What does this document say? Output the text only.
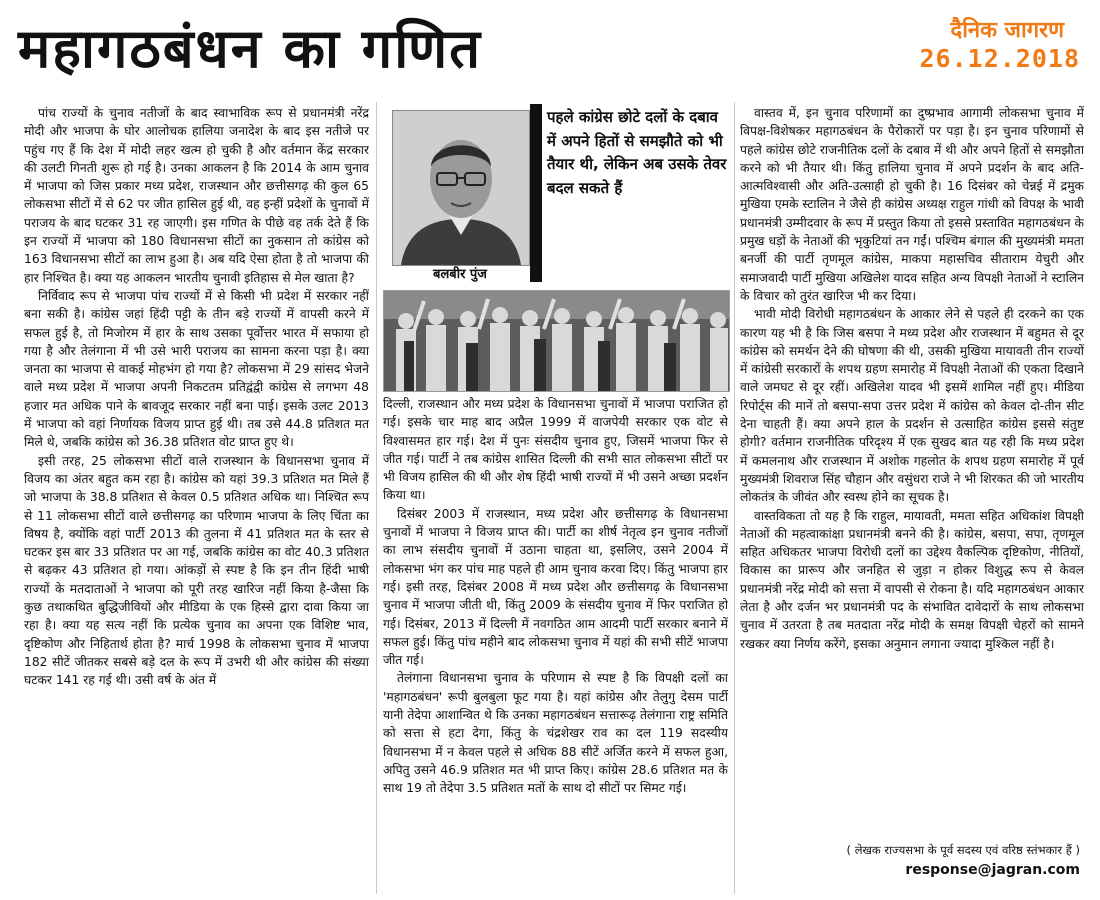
महागठबंधन का गणित	दैनिक जागरण
26.12.2018

पांच राज्यों के चुनाव नतीजों के बाद स्वाभाविक रूप से प्रधानमंत्री नरेंद्र मोदी और भाजपा के घोर आलोचक हालिया जनादेश के बाद इस नतीजे पर पहुंच गए हैं कि देश में मोदी लहर खत्म हो चुकी है और वर्तमान केंद्र सरकार की उलटी गिनती शुरू हो गई है। उनका आकलन है कि 2014 के आम चुनाव में भाजपा को जिस प्रकार मध्य प्रदेश, राजस्थान और छत्तीसगढ़ की कुल 65 लोकसभा सीटों में से 62 पर जीत हासिल हुई थी, वह इन्हीं प्रदेशों के चुनावों में पराजय के बाद घटकर 31 रह जाएगी। इस गणित के पीछे वह तर्क देते हैं कि इन राज्यों में भाजपा को 180 विधानसभा सीटों का नुकसान तो कांग्रेस को 163 विधानसभा सीटों का लाभ हुआ है। अब यदि ऐसा होता है तो भाजपा की हार निश्चित है। क्या यह आकलन भारतीय चुनावी इतिहास से मेल खाता है?

निर्विवाद रूप से भाजपा पांच राज्यों में से किसी भी प्रदेश में सरकार नहीं बना सकी है। कांग्रेस जहां हिंदी पट्टी के तीन बड़े राज्यों में वापसी करने में सफल हुई है, तो मिजोरम में हार के साथ उसका पूर्वोत्तर भारत में सफाया हो गया है और तेलंगाना में भी उसे भारी पराजय का सामना करना पड़ा है। क्या जनता का भाजपा से वाकई मोहभंग हो गया है? लोकसभा में 29 सांसद भेजने वाले मध्य प्रदेश में भाजपा अपनी निकटतम प्रतिद्वंद्वी कांग्रेस से लगभग 48 हजार मत अधिक पाने के बावजूद सरकार नहीं बना पाई। इसके उलट 2013 में भाजपा को वहां निर्णायक विजय प्राप्त हुई थी। तब उसे 44.8 प्रतिशत मत मिले थे, जबकि कांग्रेस को 36.38 प्रतिशत वोट प्राप्त हुए थे।

इसी तरह, 25 लोकसभा सीटों वाले राजस्थान के विधानसभा चुनाव में विजय का अंतर बहुत कम रहा है। कांग्रेस को यहां 39.3 प्रतिशत मत मिले हैं जो भाजपा के 38.8 प्रतिशत से केवल 0.5 प्रतिशत अधिक था। निश्चित रूप से 11 लोकसभा सीटों वाले छत्तीसगढ़ का परिणाम भाजपा के लिए चिंता का विषय है, क्योंकि वहां पार्टी 2013 की तुलना में 41 प्रतिशत मत के स्तर से घटकर इस बार 33 प्रतिशत पर आ गई, जबकि कांग्रेस का वोट 40.3 प्रतिशत से बढ़कर 43 प्रतिशत हो गया। आंकड़ों से स्पष्ट है कि इन तीन हिंदी भाषी राज्यों के मतदाताओं ने भाजपा को पूरी तरह खारिज नहीं किया है-जैसा कि कुछ तथाकथित बुद्धिजीवियों और मीडिया के एक हिस्से द्वारा दावा किया जा रहा है। क्या यह सत्य नहीं कि प्रत्येक चुनाव का अपना एक विशिष्ट भाव, दृष्टिकोण और निहितार्थ होता है? मार्च 1998 के लोकसभा चुनाव में भाजपा 182 सीटें जीतकर सबसे बड़े दल के रूप में उभरी थी और कांग्रेस की संख्या घटकर 141 रह गई थी। उसी वर्ष के अंत में

बलबीर पुंज
पहले कांग्रेस छोटे दलों के दबाव में अपने हितों से समझौते को भी तैयार थी, लेकिन अब उसके तेवर बदल सकते हैं

दिल्ली, राजस्थान और मध्य प्रदेश के विधानसभा चुनावों में भाजपा पराजित हो गई। इसके चार माह बाद अप्रैल 1999 में वाजपेयी सरकार एक वोट से विश्वासमत हार गई। देश में पुनः संसदीय चुनाव हुए, जिसमें भाजपा फिर से जीत गई। पार्टी ने तब कांग्रेस शासित दिल्ली की सभी सात लोकसभा सीटों पर भी विजय हासिल की थी और शेष हिंदी भाषी राज्यों में भी उसने अच्छा प्रदर्शन किया था।

दिसंबर 2003 में राजस्थान, मध्य प्रदेश और छत्तीसगढ़ के विधानसभा चुनावों में भाजपा ने विजय प्राप्त की। पार्टी का शीर्ष नेतृत्व इन चुनाव नतीजों का लाभ संसदीय चुनावों में उठाना चाहता था, इसलिए, उसने 2004 में लोकसभा भंग कर पांच माह पहले ही आम चुनाव करवा दिए। किंतु भाजपा हार गई। इसी तरह, दिसंबर 2008 में मध्य प्रदेश और छत्तीसगढ़ के विधानसभा चुनाव में भाजपा जीती थी, किंतु 2009 के संसदीय चुनाव में फिर पराजित हो गई। दिसंबर, 2013 में दिल्ली में नवगठित आम आदमी पार्टी सरकार बनाने में सफल हुई। किंतु पांच महीने बाद लोकसभा चुनाव में यहां की सभी सीटें भाजपा जीत गई।

तेलंगाना विधानसभा चुनाव के परिणाम से स्पष्ट है कि विपक्षी दलों का 'महागठबंधन' रूपी बुलबुला फूट गया है। यहां कांग्रेस और तेलुगु देसम पार्टी यानी तेदेपा आशान्वित थे कि उनका महागठबंधन सत्तारूढ़ तेलंगाना राष्ट्र समिति को सत्ता से हटा देगा, किंतु के चंद्रशेखर राव का दल 119 सदस्यीय विधानसभा में न केवल पहले से अधिक 88 सीटें अर्जित करने में सफल हुआ, अपितु उसने 46.9 प्रतिशत मत भी प्राप्त किए। कांग्रेस 28.6 प्रतिशत मत के साथ 19 तो तेदेपा 3.5 प्रतिशत मतों के साथ दो सीटों पर सिमट गई।

वास्तव में, इन चुनाव परिणामों का दुष्प्रभाव आगामी लोकसभा चुनाव में विपक्ष-विशेषकर महागठबंधन के पैरोकारों पर पड़ा है। इन चुनाव परिणामों से पहले कांग्रेस छोटे राजनीतिक दलों के दबाव में थी और अपने हितों से समझौता करने को भी तैयार थी। किंतु हालिया चुनाव में अपने प्रदर्शन के बाद अति-आत्मविश्वासी और अति-उत्साही हो चुकी है। 16 दिसंबर को चेन्नई में द्रमुक मुखिया एमके स्टालिन ने जैसे ही कांग्रेस अध्यक्ष राहुल गांधी को विपक्ष के भावी प्रधानमंत्री उम्मीदवार के रूप में प्रस्तुत किया तो इससे प्रस्तावित महागठबंधन के प्रमुख धड़ों के नेताओं की भृकुटियां तन गईं। पश्चिम बंगाल की मुख्यमंत्री ममता बनर्जी की पार्टी तृणमूल कांग्रेस, माकपा महासचिव सीताराम येचुरी और समाजवादी पार्टी मुखिया अखिलेश यादव सहित अन्य विपक्षी नेताओं ने स्टालिन के विचार को तुरंत खारिज भी कर दिया।

भावी मोदी विरोधी महागठबंधन के आकार लेने से पहले ही दरकने का एक कारण यह भी है कि जिस बसपा ने मध्य प्रदेश और राजस्थान में बहुमत से दूर कांग्रेस को समर्थन देने की घोषणा की थी, उसकी मुखिया मायावती तीन राज्यों में कांग्रेसी सरकारों के शपथ ग्रहण समारोह में विपक्षी नेताओं की एकता दिखाने वाले जमघट से दूर रहीं। अखिलेश यादव भी इसमें शामिल नहीं हुए। मीडिया रिपोर्ट्स की मानें तो बसपा-सपा उत्तर प्रदेश में कांग्रेस को केवल दो-तीन सीट देना चाहती हैं। क्या अपने हाल के प्रदर्शन से उत्साहित कांग्रेस इससे संतुष्ट होगी? वर्तमान राजनीतिक परिदृश्य में एक सुखद बात यह रही कि मध्य प्रदेश में कमलनाथ और राजस्थान में अशोक गहलोत के शपथ ग्रहण समारोह में पूर्व मुख्यमंत्री शिवराज सिंह चौहान और वसुंधरा राजे ने भी शिरकत की जो भारतीय लोकतंत्र के जीवंत और स्वस्थ होने का सूचक है।

वास्तविकता तो यह है कि राहुल, मायावती, ममता सहित अधिकांश विपक्षी नेताओं की महत्वाकांक्षा प्रधानमंत्री बनने की है। कांग्रेस, बसपा, सपा, तृणमूल सहित अधिकतर भाजपा विरोधी दलों का उद्देश्य वैकल्पिक दृष्टिकोण, नीतियों, विकास का प्रारूप और जनहित से जुड़ा न होकर विशुद्ध रूप से केवल प्रधानमंत्री नरेंद्र मोदी को सत्ता में वापसी से रोकना है। यदि महागठबंधन आकार लेता है और दर्जन भर प्रधानमंत्री पद के संभावित दावेदारों के साथ लोकसभा चुनाव में उतरता है तब मतदाता नरेंद्र मोदी के समक्ष विपक्षी चेहरों को सामने रखकर क्या निर्णय करेंगे, इसका अनुमान लगाना ज्यादा मुश्किल नहीं है।

( लेखक राज्यसभा के पूर्व सदस्य एवं वरिष्ठ स्तंभकार हैं )
response@jagran.com
